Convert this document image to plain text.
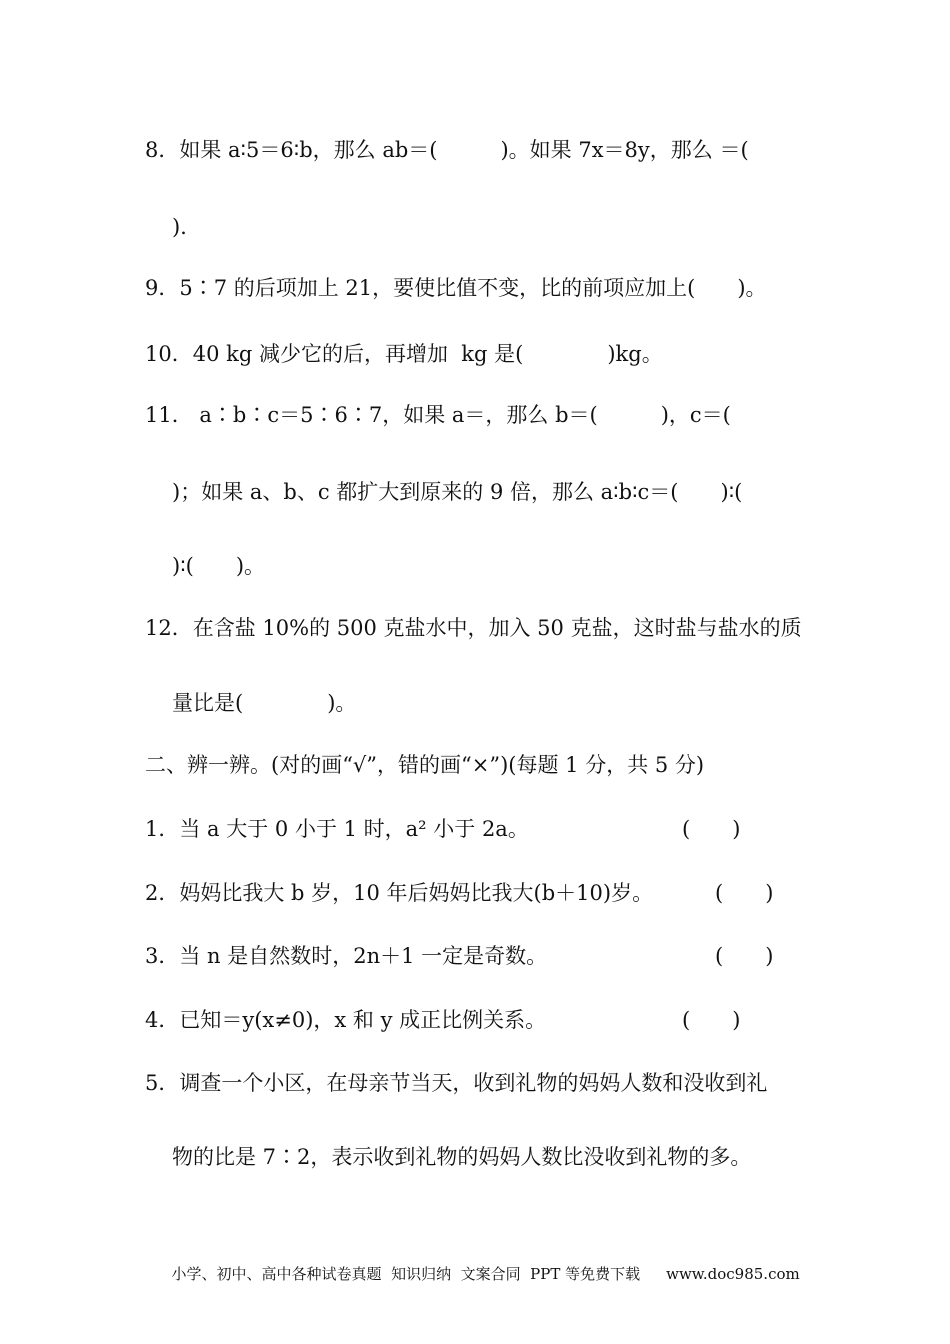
8．如果 a∶5＝6∶b，那么 ab＝(　　　)。如果 7x＝8y，那么 ＝(
)．
9．5∶7 的后项加上 21，要使比值不变，比的前项应加上(　　)。
10．40 kg 减少它的后，再增加  kg 是(　　　　)kg。
11． a∶b∶c＝5∶6∶7，如果 a＝，那么 b＝(　　　)，c＝(
)；如果 a、b、c 都扩大到原来的 9 倍，那么 a∶b∶c＝(　　)∶(
)∶(　　)。
12．在含盐 10%的 500 克盐水中，加入 50 克盐，这时盐与盐水的质
量比是(　　　　)。
二、辨一辨。(对的画“√”，错的画“×”)(每题 1 分，共 5 分)
1．当 a 大于 0 小于 1 时，a² 小于 2a。	(　　)
2．妈妈比我大 b 岁，10 年后妈妈比我大(b＋10)岁。	(　　)
3．当 n 是自然数时，2n＋1 一定是奇数。	(　　)
4．已知＝y(x≠0)，x 和 y 成正比例关系。	(　　)
5．调查一个小区，在母亲节当天，收到礼物的妈妈人数和没收到礼
物的比是 7∶2，表示收到礼物的妈妈人数比没收到礼物的多。

小学、初中、高中各种试卷真题  知识归纳  文案合同  PPT 等免费下载 www.doc985.com
